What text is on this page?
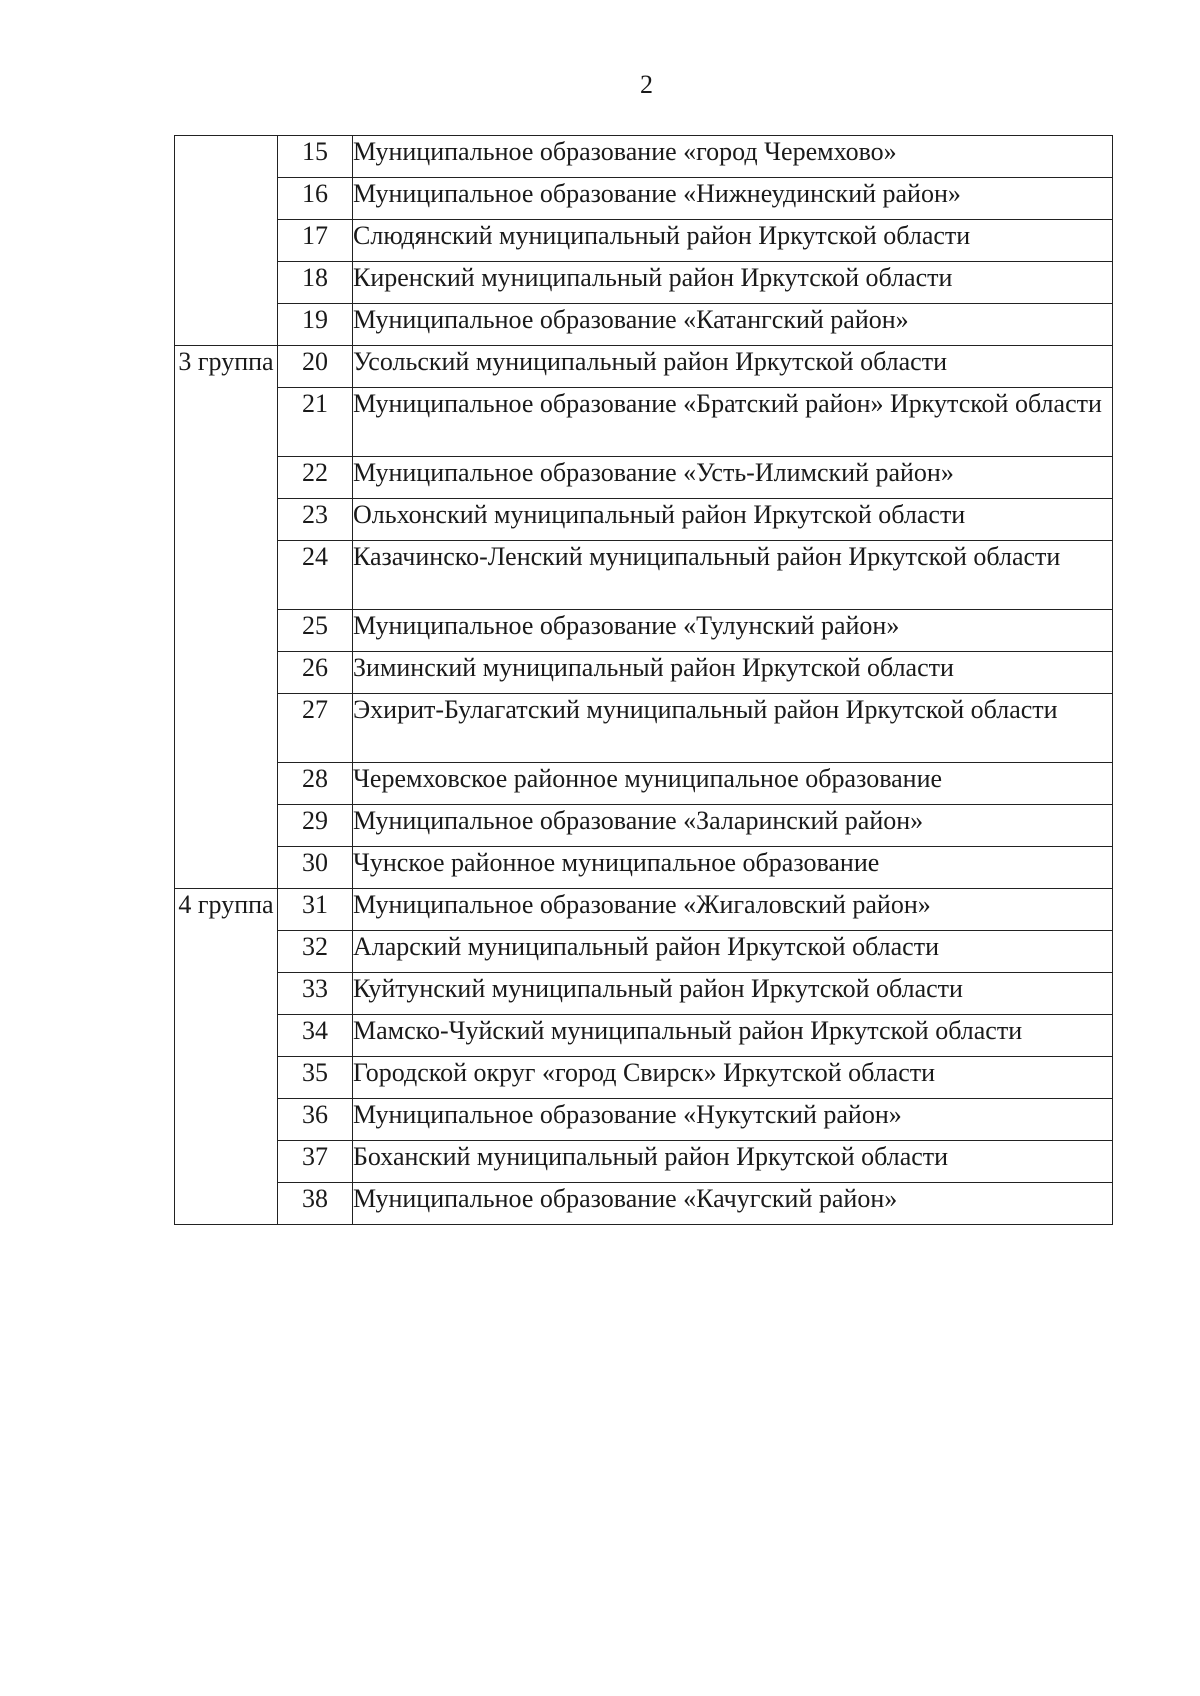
2
	15	Муниципальное образование «город Черемхово»
	16	Муниципальное образование «Нижнеудинский район»
	17	Слюдянский муниципальный район Иркутской области
	18	Киренский муниципальный район Иркутской области
	19	Муниципальное образование «Катангский район»
3 группа	20	Усольский муниципальный район Иркутской области
	21	Муниципальное образование «Братский район» Иркутской области
	22	Муниципальное образование «Усть-Илимский район»
	23	Ольхонский муниципальный район Иркутской области
	24	Казачинско-Ленский муниципальный район Иркутской области
	25	Муниципальное образование «Тулунский район»
	26	Зиминский муниципальный район Иркутской области
	27	Эхирит-Булагатский муниципальный район Иркутской области
	28	Черемховское районное муниципальное образование
	29	Муниципальное образование «Заларинский район»
	30	Чунское районное муниципальное образование
4 группа	31	Муниципальное образование «Жигаловский район»
	32	Аларский муниципальный район Иркутской области
	33	Куйтунский муниципальный район Иркутской области
	34	Мамско-Чуйский муниципальный район Иркутской области
	35	Городской округ «город Свирск» Иркутской области
	36	Муниципальное образование «Нукутский район»
	37	Боханский муниципальный район Иркутской области
	38	Муниципальное образование «Качугский район»
